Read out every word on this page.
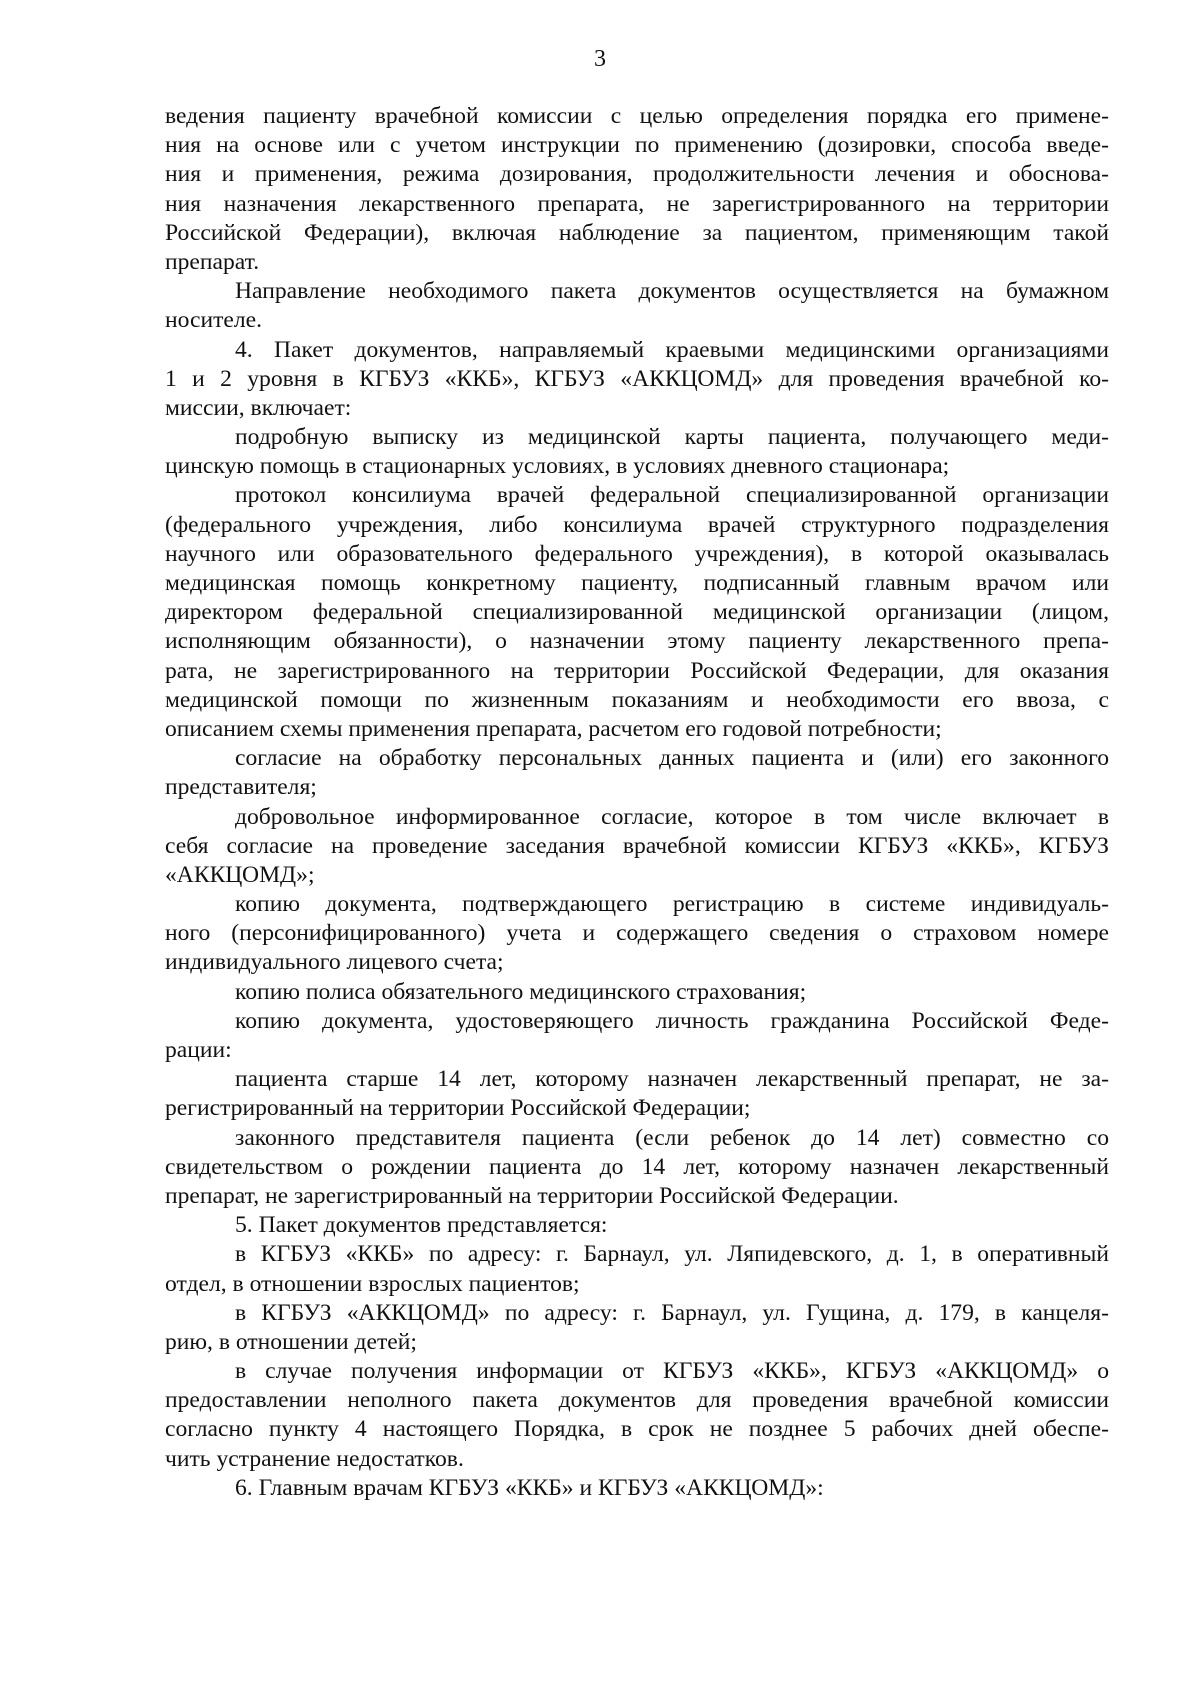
3
ведения пациенту врачебной комиссии с целью определения порядка его примене-
ния на основе или с учетом инструкции по применению (дозировки, способа введе-
ния и применения, режима дозирования, продолжительности лечения и обоснова-
ния назначения лекарственного препарата, не зарегистрированного на территории
Российской Федерации), включая наблюдение за пациентом, применяющим такой
препарат.
Направление необходимого пакета документов осуществляется на бумажном
носителе.
4. Пакет документов, направляемый краевыми медицинскими организациями
1 и 2 уровня в КГБУЗ «ККБ», КГБУЗ «АККЦОМД» для проведения врачебной ко-
миссии, включает:
подробную выписку из медицинской карты пациента, получающего меди-
цинскую помощь в стационарных условиях, в условиях дневного стационара;
протокол консилиума врачей федеральной специализированной организации
(федерального учреждения, либо консилиума врачей структурного подразделения
научного или образовательного федерального учреждения), в которой оказывалась
медицинская помощь конкретному пациенту, подписанный главным врачом или
директором федеральной специализированной медицинской организации (лицом,
исполняющим обязанности), о назначении этому пациенту лекарственного препа-
рата, не зарегистрированного на территории Российской Федерации, для оказания
медицинской помощи по жизненным показаниям и необходимости его ввоза, с
описанием схемы применения препарата, расчетом его годовой потребности;
согласие на обработку персональных данных пациента и (или) его законного
представителя;
добровольное информированное согласие, которое в том числе включает в
себя согласие на проведение заседания врачебной комиссии КГБУЗ «ККБ», КГБУЗ
«АККЦОМД»;
копию документа, подтверждающего регистрацию в системе индивидуаль-
ного (персонифицированного) учета и содержащего сведения о страховом номере
индивидуального лицевого счета;
копию полиса обязательного медицинского страхования;
копию документа, удостоверяющего личность гражданина Российской Феде-
рации:
пациента старше 14 лет, которому назначен лекарственный препарат, не за-
регистрированный на территории Российской Федерации;
законного представителя пациента (если ребенок до 14 лет) совместно со
свидетельством о рождении пациента до 14 лет, которому назначен лекарственный
препарат, не зарегистрированный на территории Российской Федерации.
5. Пакет документов представляется:
в КГБУЗ «ККБ» по адресу: г. Барнаул, ул. Ляпидевского, д. 1, в оперативный
отдел, в отношении взрослых пациентов;
в КГБУЗ «АККЦОМД» по адресу: г. Барнаул, ул. Гущина, д. 179, в канцеля-
рию, в отношении детей;
в случае получения информации от КГБУЗ «ККБ», КГБУЗ «АККЦОМД» о
предоставлении неполного пакета документов для проведения врачебной комиссии
согласно пункту 4 настоящего Порядка, в срок не позднее 5 рабочих дней обеспе-
чить устранение недостатков.
6. Главным врачам КГБУЗ «ККБ» и КГБУЗ «АККЦОМД»:
